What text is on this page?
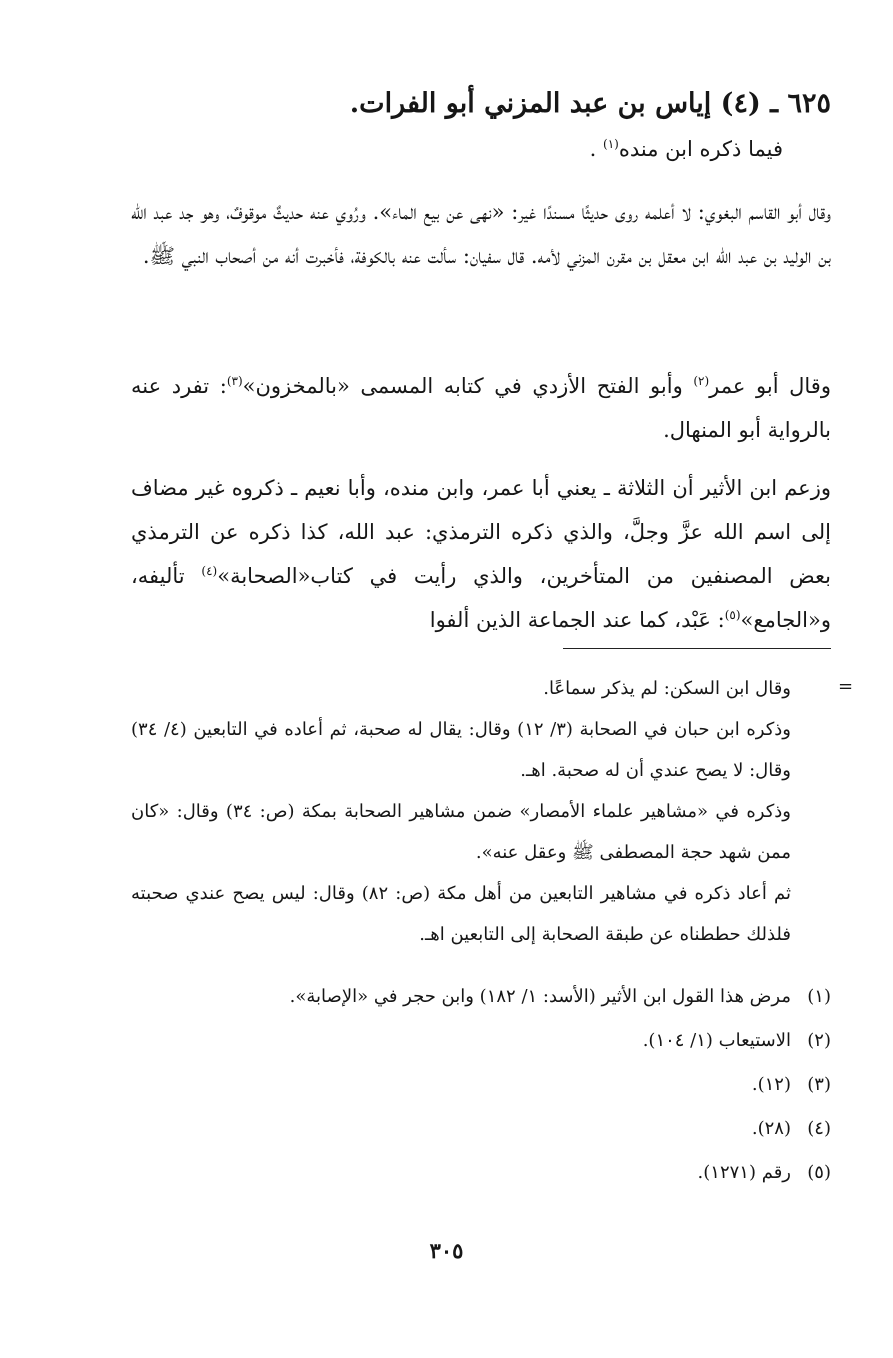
٦٢٥ ـ (٤) إياس بن عبد المزني أبو الفرات.
فيما ذكره ابن منده$^{(١)}$ .
وقال أبو القاسم البغوي: لا أعلمه روى حديثًا مسندًا غير: «نهى عن بيع الماء». ورُوي عنه حديثٌ موقوفٌ، وهو جد عبد الله بن الوليد بن عبد الله ابن معقل بن مقرن المزني لأمه. قال سفيان: سألت عنه بالكوفة، فأخبرت أنه من أصحاب النبي ﷺ.
وقال أبو عمر$^{(٢)}$ وأبو الفتح الأزدي في كتابه المسمى «بالمخزون»$^{(٣)}$: تفرد عنه بالرواية أبو المنهال.
وزعم ابن الأثير أن الثلاثة ـ يعني أبا عمر، وابن منده، وأبا نعيم ـ ذكروه غير مضاف إلى اسم الله عزَّ وجلَّ، والذي ذكره الترمذي: عبد الله، كذا ذكره عن الترمذي بعض المصنفين من المتأخرين، والذي رأيت في كتاب«الصحابة»$^{(٤)}$ تأليفه، و«الجامع»$^{(٥)}$: عَبْد، كما عند الجماعة الذين ألفوا
=
وقال ابن السكن: لم يذكر سماعًا.
وذكره ابن حبان في الصحابة (٣/ ١٢) وقال: يقال له صحبة، ثم أعاده في التابعين (٤/ ٣٤) وقال: لا يصح عندي أن له صحبة. اهـ.
وذكره في «مشاهير علماء الأمصار» ضمن مشاهير الصحابة بمكة (ص: ٣٤) وقال: «كان ممن شهد حجة المصطفى ﷺ وعقل عنه».
ثم أعاد ذكره في مشاهير التابعين من أهل مكة (ص: ٨٢) وقال: ليس يصح عندي صحبته فلذلك حططناه عن طبقة الصحابة إلى التابعين اهـ.
(١)
مرض هذا القول ابن الأثير (الأسد: ١/ ١٨٢) وابن حجر في «الإصابة».
(٢)
الاستيعاب (١/ ١٠٤).
(٣)
(١٢).
(٤)
(٢٨).
(٥)
رقم (١٢٧١).
٣٠٥
